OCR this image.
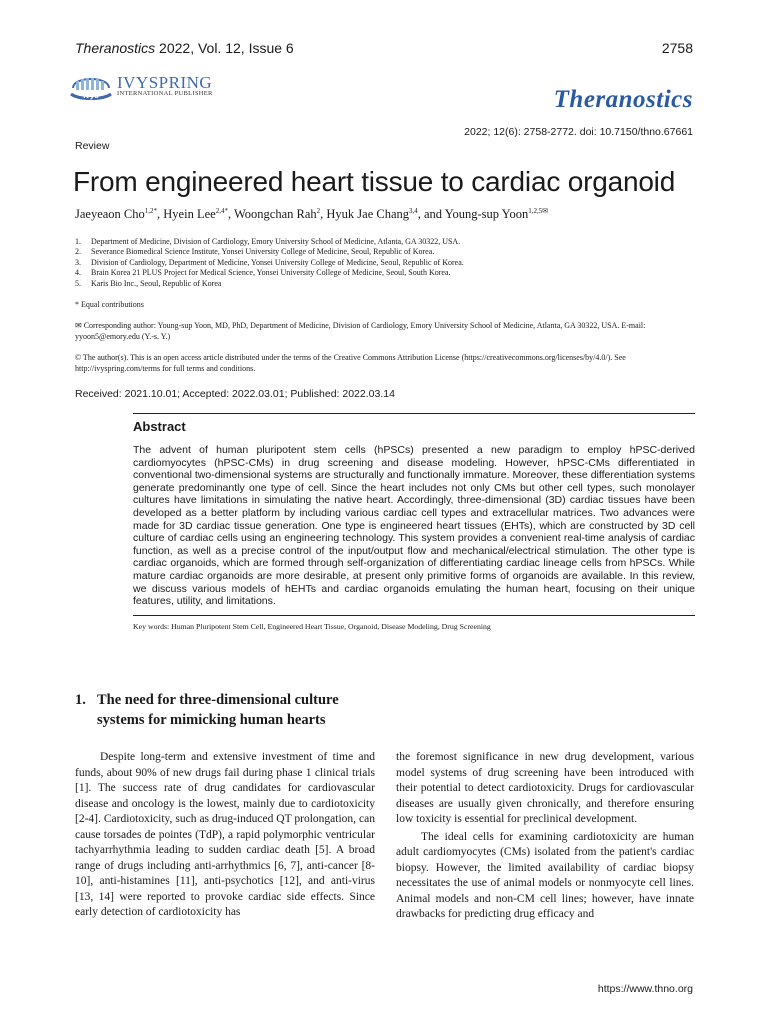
Theranostics 2022, Vol. 12, Issue 6	2758
ivys
IVYSPRING
INTERNATIONAL PUBLISHER	Theranostics
2022; 12(6): 2758-2772. doi: 10.7150/thno.67661
Review
From engineered heart tissue to cardiac organoid
Jaeyeaon Cho$^{1,2*}$, Hyein Lee$^{2,4*}$, Woongchan Rah$^2$, Hyuk Jae Chang$^{3,4}$, and Young-sup Yoon$^{1,2,5✉}$
1.	Department of Medicine, Division of Cardiology, Emory University School of Medicine, Atlanta, GA 30322, USA.
2.	Severance Biomedical Science Institute, Yonsei University College of Medicine, Seoul, Republic of Korea.
3.	Division of Cardiology, Department of Medicine, Yonsei University College of Medicine, Seoul, Republic of Korea.
4.	Brain Korea 21 PLUS Project for Medical Science, Yonsei University College of Medicine, Seoul, South Korea.
5.	Karis Bio Inc., Seoul, Republic of Korea
* Equal contributions
✉ Corresponding author: Young-sup Yoon, MD, PhD, Department of Medicine, Division of Cardiology, Emory University School of Medicine, Atlanta, GA 30322, USA. E-mail: yyoon5@emory.edu (Y.-s. Y.)
© The author(s). This is an open access article distributed under the terms of the Creative Commons Attribution License (https://creativecommons.org/licenses/by/4.0/). See http://ivyspring.com/terms for full terms and conditions.
Received: 2021.10.01; Accepted: 2022.03.01; Published: 2022.03.14
Abstract
The advent of human pluripotent stem cells (hPSCs) presented a new paradigm to employ hPSC-derived cardiomyocytes (hPSC-CMs) in drug screening and disease modeling. However, hPSC-CMs differentiated in conventional two-dimensional systems are structurally and functionally immature. Moreover, these differentiation systems generate predominantly one type of cell. Since the heart includes not only CMs but other cell types, such monolayer cultures have limitations in simulating the native heart. Accordingly, three-dimensional (3D) cardiac tissues have been developed as a better platform by including various cardiac cell types and extracellular matrices. Two advances were made for 3D cardiac tissue generation. One type is engineered heart tissues (EHTs), which are constructed by 3D cell culture of cardiac cells using an engineering technology. This system provides a convenient real-time analysis of cardiac function, as well as a precise control of the input/output flow and mechanical/electrical stimulation. The other type is cardiac organoids, which are formed through self-organization of differentiating cardiac lineage cells from hPSCs. While mature cardiac organoids are more desirable, at present only primitive forms of organoids are available. In this review, we discuss various models of hEHTs and cardiac organoids emulating the human heart, focusing on their unique features, utility, and limitations.
Key words: Human Pluripotent Stem Cell, Engineered Heart Tissue, Organoid, Disease Modeling, Drug Screening
1. The need for three-dimensional culture systems for mimicking human hearts

Despite long-term and extensive investment of time and funds, about 90% of new drugs fail during phase 1 clinical trials [1]. The success rate of drug candidates for cardiovascular disease and oncology is the lowest, mainly due to cardiotoxicity [2-4]. Cardiotoxicity, such as drug-induced QT prolongation, can cause torsades de pointes (TdP), a rapid polymorphic ventricular tachyarrhythmia leading to sudden cardiac death [5]. A broad range of drugs including anti-arrhythmics [6, 7], anti-cancer [8-10], anti-histamines [11], anti-psychotics [12], and anti-virus [13, 14] were reported to provoke cardiac side effects. Since early detection of cardiotoxicity has

the foremost significance in new drug development, various model systems of drug screening have been introduced with their potential to detect cardiotoxicity. Drugs for cardiovascular diseases are usually given chronically, and therefore ensuring low toxicity is essential for preclinical development.

The ideal cells for examining cardiotoxicity are human adult cardiomyocytes (CMs) isolated from the patient's cardiac biopsy. However, the limited availability of cardiac biopsy necessitates the use of animal models or nonmyocyte cell lines. Animal models and non-CM cell lines; however, have innate drawbacks for predicting drug efficacy and

https://www.thno.org
